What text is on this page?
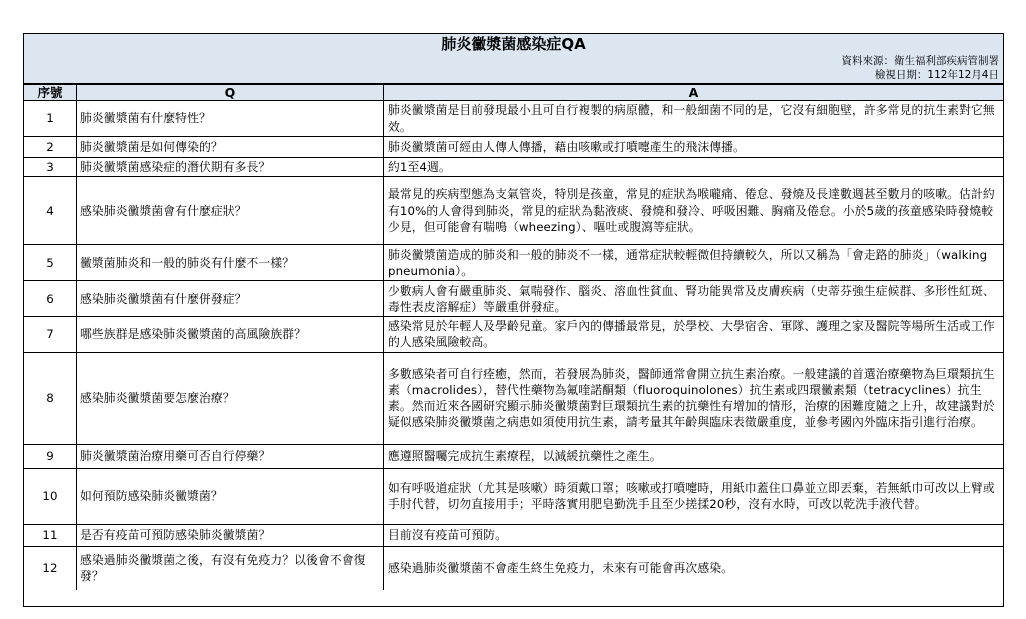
肺炎黴漿菌感染症QA
資料來源：衛生福利部疾病管制署
檢視日期：112年12月4日
序號	Q	A
1	肺炎黴漿菌有什麼特性？	肺炎黴漿菌是目前發現最小且可自行複製的病原體，和一般細菌不同的是，它沒有細胞壁，許多常見的抗生素對它無效。
2	肺炎黴漿菌是如何傳染的？	肺炎黴漿菌可經由人傳人傳播，藉由咳嗽或打噴嚏產生的飛沫傳播。
3	肺炎黴漿菌感染症的潛伏期有多長？	約1至4週。
4	感染肺炎黴漿菌會有什麼症狀？	最常見的疾病型態為支氣管炎，特別是孩童，常見的症狀為喉嚨痛、倦怠、發燒及長達數週甚至數月的咳嗽。估計約有10%的人會得到肺炎，常見的症狀為黏液痰、發燒和發冷、呼吸困難、胸痛及倦怠。小於5歲的孩童感染時發燒較少見，但可能會有喘鳴（wheezing）、嘔吐或腹瀉等症狀。
5	黴漿菌肺炎和一般的肺炎有什麼不一樣？	肺炎黴漿菌造成的肺炎和一般的肺炎不一樣，通常症狀較輕微但持續較久，所以又稱為「會走路的肺炎」（walking pneumonia）。
6	感染肺炎黴漿菌有什麼併發症？	少數病人會有嚴重肺炎、氣喘發作、腦炎、溶血性貧血、腎功能異常及皮膚疾病（史蒂芬強生症候群、多形性紅斑、毒性表皮溶解症）等嚴重併發症。
7	哪些族群是感染肺炎黴漿菌的高風險族群？	感染常見於年輕人及學齡兒童。家戶內的傳播最常見，於學校、大學宿舍、軍隊、護理之家及醫院等場所生活或工作的人感染風險較高。
8	感染肺炎黴漿菌要怎麼治療？	多數感染者可自行痊癒，然而，若發展為肺炎，醫師通常會開立抗生素治療。一般建議的首選治療藥物為巨環類抗生素（macrolides），替代性藥物為氟喹諾酮類（fluoroquinolones）抗生素或四環黴素類（tetracyclines）抗生素。然而近來各國研究顯示肺炎黴漿菌對巨環類抗生素的抗藥性有增加的情形，治療的困難度隨之上升，故建議對於疑似感染肺炎黴漿菌之病患如須使用抗生素，請考量其年齡與臨床表徵嚴重度，並參考國內外臨床指引進行治療。
9	肺炎黴漿菌治療用藥可否自行停藥？	應遵照醫囑完成抗生素療程，以減緩抗藥性之產生。
10	如何預防感染肺炎黴漿菌？	如有呼吸道症狀（尤其是咳嗽）時須戴口罩；咳嗽或打噴嚏時，用紙巾蓋住口鼻並立即丟棄，若無紙巾可改以上臂或手肘代替，切勿直接用手；平時落實用肥皂勤洗手且至少搓揉20秒，沒有水時，可改以乾洗手液代替。
11	是否有疫苗可預防感染肺炎黴漿菌？	目前沒有疫苗可預防。
12	感染過肺炎黴漿菌之後，有沒有免疫力？以後會不會復發？	感染過肺炎黴漿菌不會產生終生免疫力，未來有可能會再次感染。
